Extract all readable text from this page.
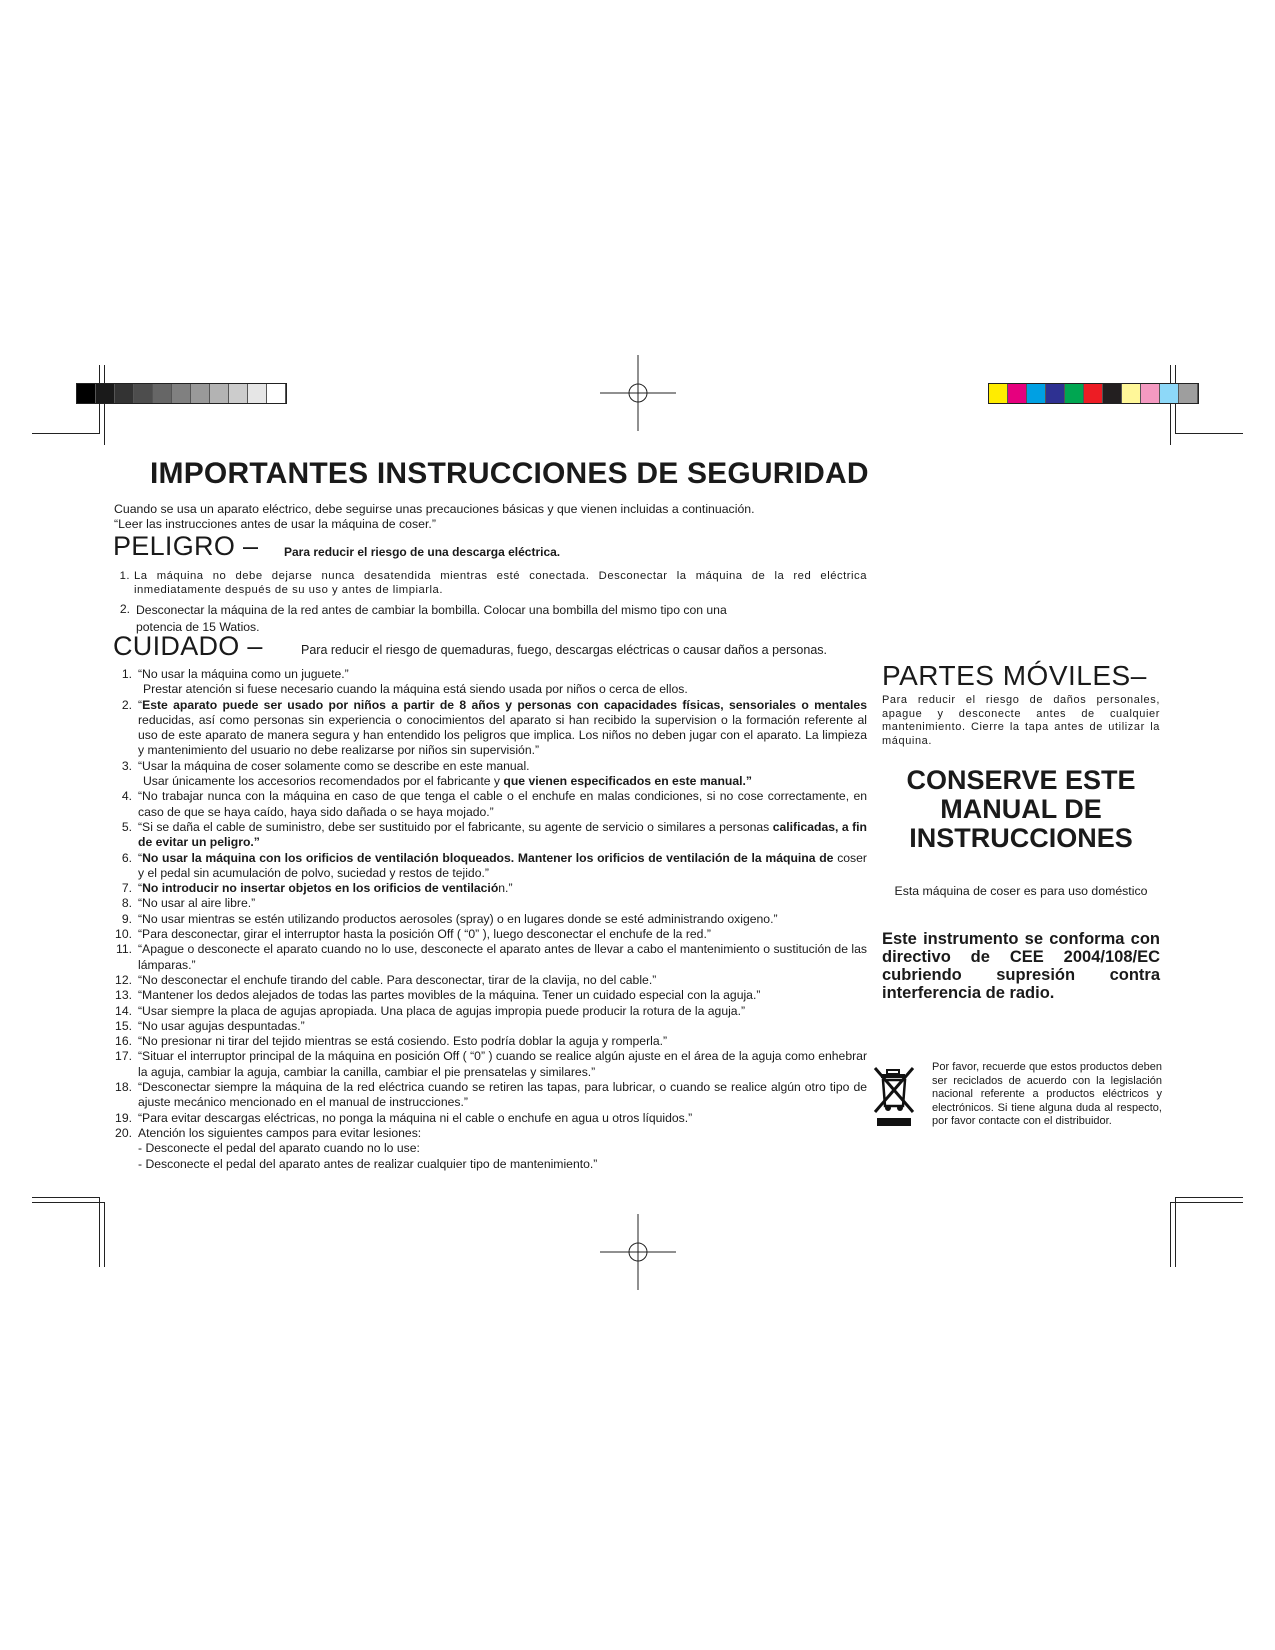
IMPORTANTES INSTRUCCIONES DE SEGURIDAD
Cuando se usa un aparato eléctrico, debe seguirse unas precauciones básicas y que vienen incluidas a continuación.
“Leer las instrucciones antes de usar la máquina de coser.”
PELIGRO – Para reducir el riesgo de una descarga eléctrica.
1. La máquina no debe dejarse nunca desatendida mientras esté conectada. Desconectar la máquina de la red eléctrica inmediatamente después de su uso y antes de limpiarla.
2. Desconectar la máquina de la red antes de cambiar la bombilla. Colocar una bombilla del mismo tipo con una potencia de 15 Watios.
CUIDADO –	Para reducir el riesgo de quemaduras, fuego, descargas eléctricas o causar daños a personas.
1. “No usar la máquina como un juguete.”
Prestar atención si fuese necesario cuando la máquina está siendo usada por niños o cerca de ellos.
2. “Este aparato puede ser usado por niños a partir de 8 años y personas con capacidades físicas, sensoriales o mentales reducidas, así como personas sin experiencia o conocimientos del aparato si han recibido la supervision o la formación referente al uso de este aparato de manera segura y han entendido los peligros que implica. Los niños no deben jugar con el aparato. La limpieza y mantenimiento del usuario no debe realizarse por niños sin supervisión.”
3. “Usar la máquina de coser solamente como se describe en este manual.
Usar únicamente los accesorios recomendados por el fabricante y que vienen especificados en este manual.”
4. “No trabajar nunca con la máquina en caso de que tenga el cable o el enchufe en malas condiciones, si no cose correctamente, en caso de que se haya caído, haya sido dañada o se haya mojado.”
5. “Si se daña el cable de suministro, debe ser sustituido por el fabricante, su agente de servicio o similares a personas calificadas, a fin de evitar un peligro.”
6. “No usar la máquina con los orificios de ventilación bloqueados. Mantener los orificios de ventilación de la máquina de coser y el pedal sin acumulación de polvo, suciedad y restos de tejido.”
7. “No introducir no insertar objetos en los orificios de ventilación.”
8. “No usar al aire libre.”
9. “No usar mientras se estén utilizando productos aerosoles (spray) o en lugares donde se esté administrando oxigeno.”
10. “Para desconectar, girar el interruptor hasta la posición Off ( “0” ), luego desconectar el enchufe de la red.”
11. “Apague o desconecte el aparato cuando no lo use, desconecte el aparato antes de llevar a cabo el mantenimiento o sustitución de las lámparas.”
12. “No desconectar el enchufe tirando del cable. Para desconectar, tirar de la clavija, no del cable.”
13. “Mantener los dedos alejados de todas las partes movibles de la máquina. Tener un cuidado especial con la aguja.”
14. “Usar siempre la placa de agujas apropiada. Una placa de agujas impropia puede producir la rotura de la aguja.”
15. “No usar agujas despuntadas.”
16. “No presionar ni tirar del tejido mientras se está cosiendo. Esto podría doblar la aguja y romperla.”
17. “Situar el interruptor principal de la máquina en posición Off ( “0” ) cuando se realice algún ajuste en el área de la aguja como enhebrar la aguja, cambiar la aguja, cambiar la canilla, cambiar el pie prensatelas y similares.”
18. “Desconectar siempre la máquina de la red eléctrica cuando se retiren las tapas, para lubricar, o cuando se realice algún otro tipo de ajuste mecánico mencionado en el manual de instrucciones.”
19. “Para evitar descargas eléctricas, no ponga la máquina ni el cable o enchufe en agua u otros líquidos.”
20. Atención los siguientes campos para evitar lesiones:
- Desconecte el pedal del aparato cuando no lo use:
- Desconecte el pedal del aparato antes de realizar cualquier tipo de mantenimiento.”
PARTES MÓVILES–
Para reducir el riesgo de daños personales, apague y desconecte antes de cualquier mantenimiento. Cierre la tapa antes de utilizar la máquina.
CONSERVE ESTE
MANUAL DE
INSTRUCCIONES
Esta máquina de coser es para uso doméstico
Este instrumento se conforma con directivo de CEE 2004/108/EC cubriendo supresión contra interferencia de radio.
Por favor, recuerde que estos productos deben ser reciclados de acuerdo con la legislación nacional referente a productos eléctricos y electrónicos. Si tiene alguna duda al respecto, por favor contacte con el distribuidor.
